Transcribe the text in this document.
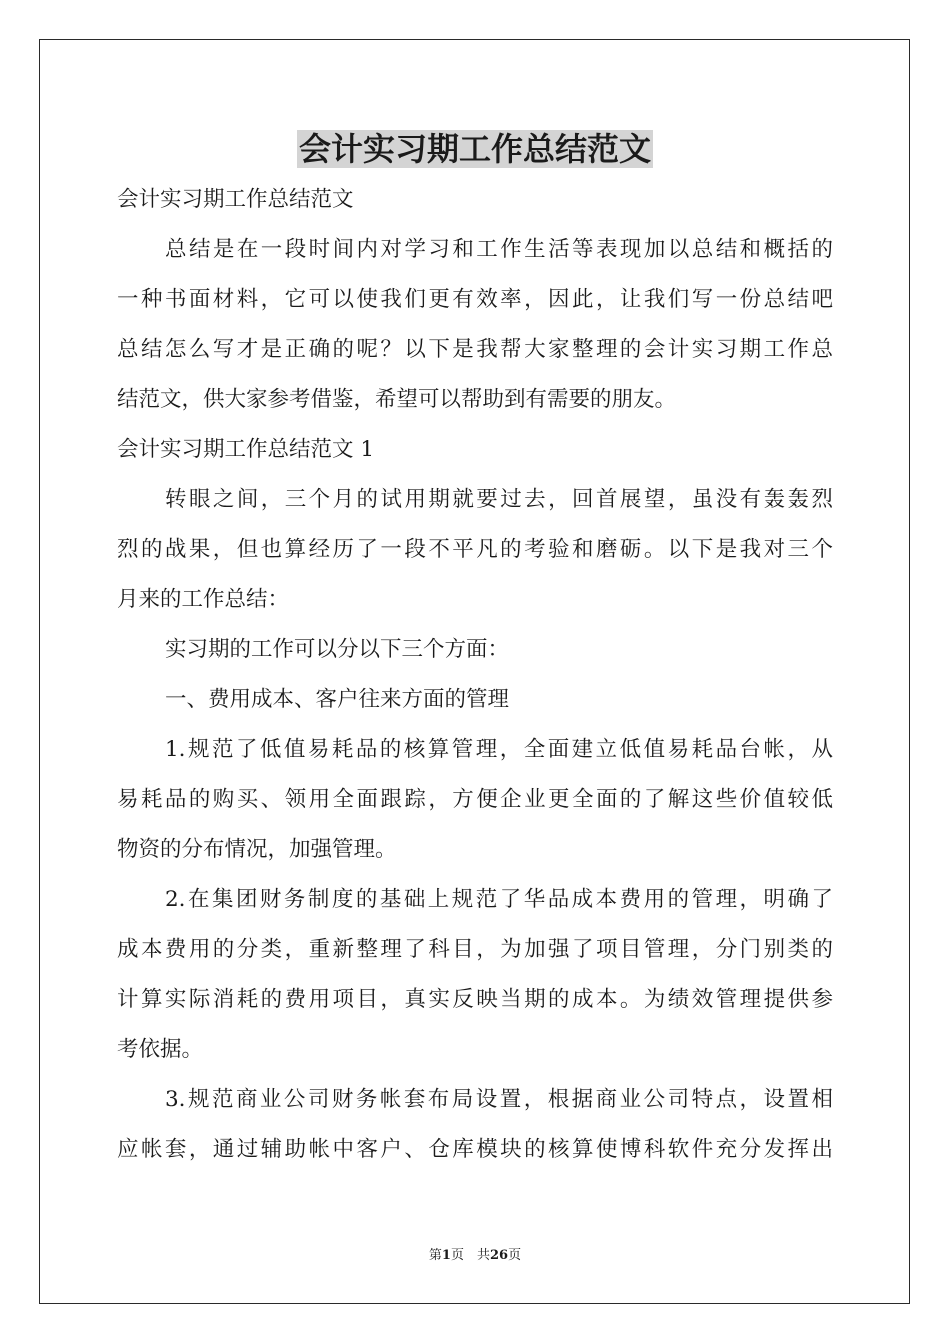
会计实习期工作总结范文

会计实习期工作总结范文

总结是在一段时间内对学习和工作生活等表现加以总结和概括的

一种书面材料，它可以使我们更有效率，因此，让我们写一份总结吧

总结怎么写才是正确的呢？以下是我帮大家整理的会计实习期工作总

结范文，供大家参考借鉴，希望可以帮助到有需要的朋友。

会计实习期工作总结范文 1

转眼之间，三个月的试用期就要过去，回首展望，虽没有轰轰烈

烈的战果，但也算经历了一段不平凡的考验和磨砺。以下是我对三个

月来的工作总结：

实习期的工作可以分以下三个方面：

一、费用成本、客户往来方面的管理

1.规范了低值易耗品的核算管理，全面建立低值易耗品台帐，从

易耗品的购买、领用全面跟踪，方便企业更全面的了解这些价值较低

物资的分布情况，加强管理。

2.在集团财务制度的基础上规范了华品成本费用的管理，明确了

成本费用的分类，重新整理了科目，为加强了项目管理，分门别类的

计算实际消耗的费用项目，真实反映当期的成本。为绩效管理提供参

考依据。

3.规范商业公司财务帐套布局设置，根据商业公司特点，设置相

应帐套，通过辅助帐中客户、仓库模块的核算使博科软件充分发挥出

第1页　共26页
